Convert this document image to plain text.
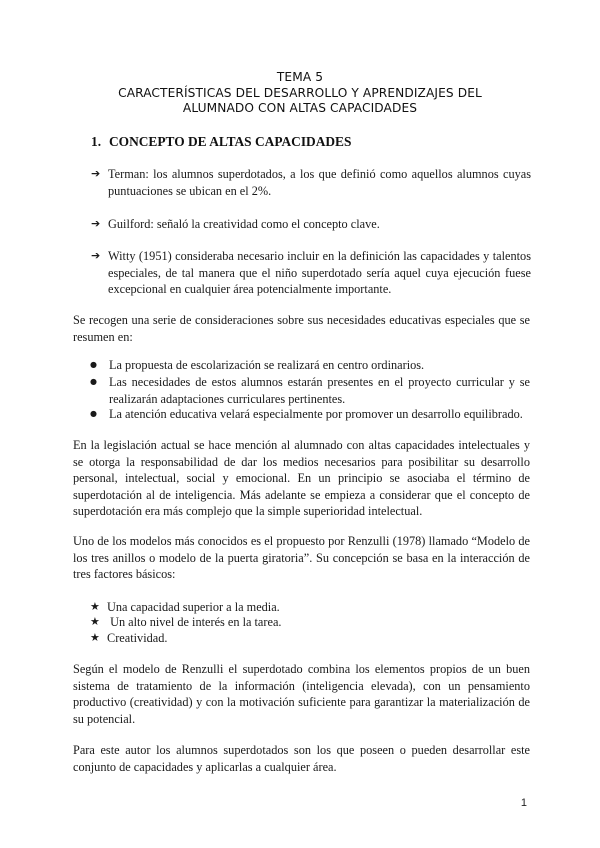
TEMA 5
CARACTERÍSTICAS DEL DESARROLLO Y APRENDIZAJES DEL
ALUMNADO CON ALTAS CAPACIDADES
1. CONCEPTO DE ALTAS CAPACIDADES
➔ Terman: los alumnos superdotados, a los que definió como aquellos alumnos cuyas puntuaciones se ubican en el 2%.
➔ Guilford: señaló la creatividad como el concepto clave.
➔ Witty (1951) consideraba necesario incluir en la definición las capacidades y talentos especiales, de tal manera que el niño superdotado sería aquel cuya ejecución fuese excepcional en cualquier área potencialmente importante.
Se recogen una serie de consideraciones sobre sus necesidades educativas especiales que se resumen en:
● La propuesta de escolarización se realizará en centro ordinarios.
● Las necesidades de estos alumnos estarán presentes en el proyecto curricular y se realizarán adaptaciones curriculares pertinentes.
● La atención educativa velará especialmente por promover un desarrollo equilibrado.
En la legislación actual se hace mención al alumnado con altas capacidades intelectuales y se otorga la responsabilidad de dar los medios necesarios para posibilitar su desarrollo personal, intelectual, social y emocional. En un principio se asociaba el término de superdotación al de inteligencia. Más adelante se empieza a considerar que el concepto de superdotación era más complejo que la simple superioridad intelectual.
Uno de los modelos más conocidos es el propuesto por Renzulli (1978) llamado “Modelo de los tres anillos o modelo de la puerta giratoria”. Su concepción se basa en la interacción de tres factores básicos:
★ Una capacidad superior a la media.
★ Un alto nivel de interés en la tarea.
★ Creatividad.
Según el modelo de Renzulli el superdotado combina los elementos propios de un buen sistema de tratamiento de la información (inteligencia elevada), con un pensamiento productivo (creatividad) y con la motivación suficiente para garantizar la materialización de su potencial.
Para este autor los alumnos superdotados son los que poseen o pueden desarrollar este conjunto de capacidades y aplicarlas a cualquier área.
1
